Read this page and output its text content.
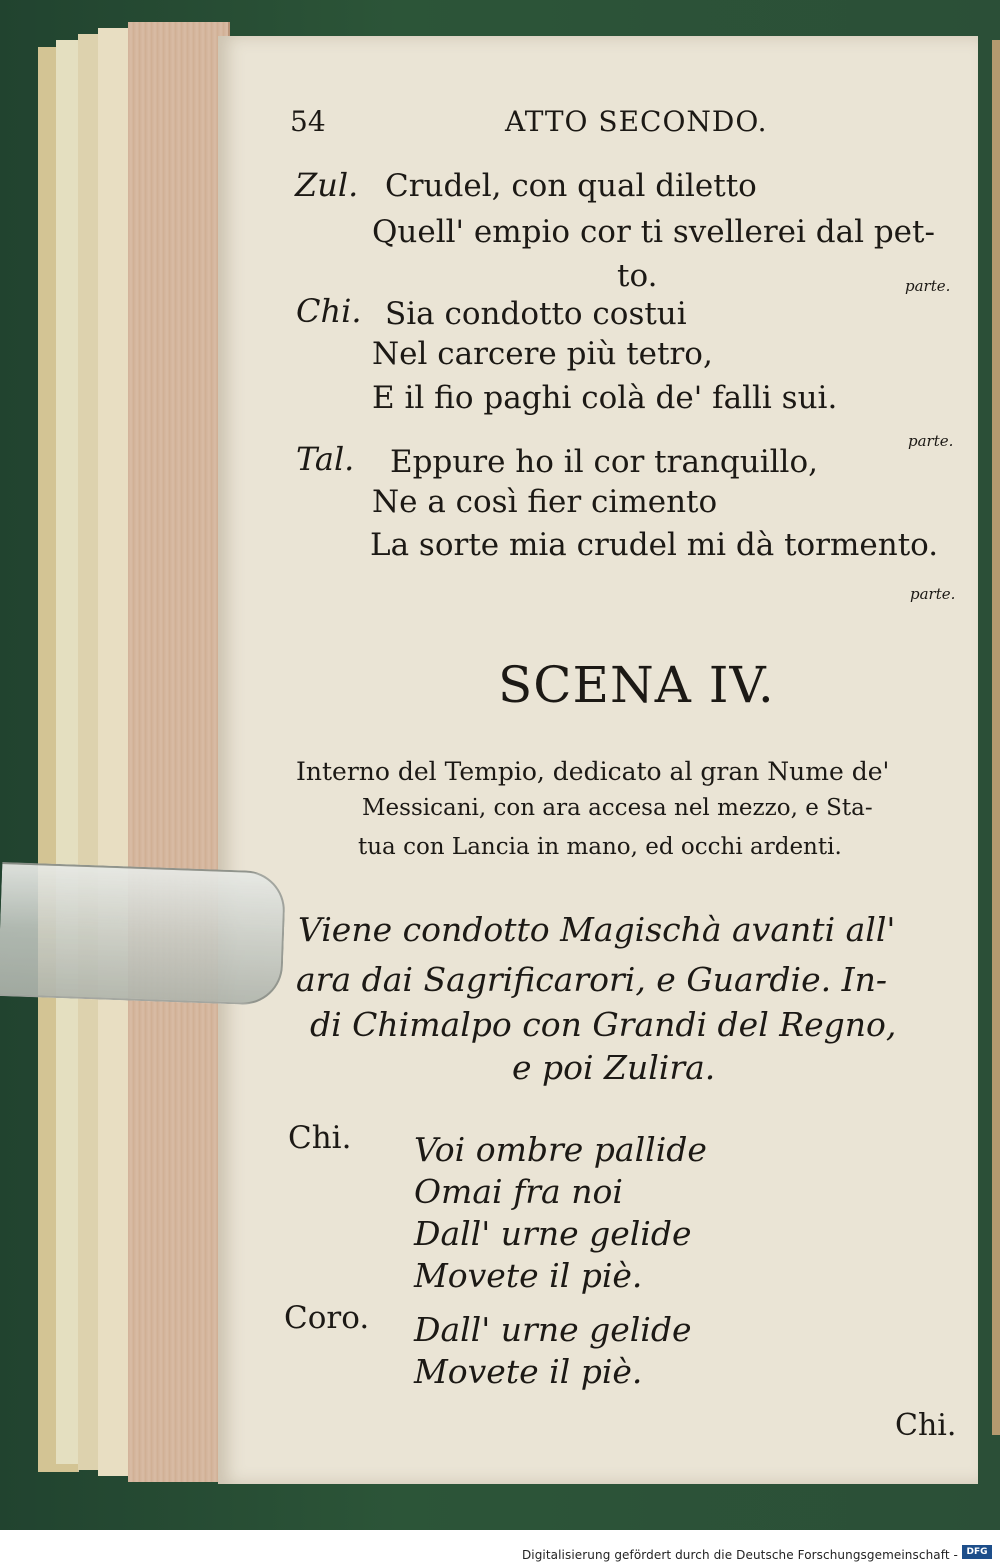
54	ATTO SECONDO.
Zul. Crudel, con qual diletto
Quell' empio cor ti svellerei dal pet-
to.	parte.
Chi. Sia condotto costui
Nel carcere più tetro,
E il fio paghi colà de' falli sui.
parte.
Tal. Eppure ho il cor tranquillo,
Ne a così fier cimento
La sorte mia crudel mi dà tormento.
parte.
SCENA IV.
Interno del Tempio, dedicato al gran Nume de'
Messicani, con ara accesa nel mezzo, e Sta-
tua con Lancia in mano, ed occhi ardenti.
Viene condotto Magischà avanti all'
ara dai Sagrificarori, e Guardie. In-
di Chimalpo con Grandi del Regno,
e poi Zulira.
Chi. Voi ombre pallide
Omai fra noi
Dall' urne gelide
Movete il piè.
Coro. Dall' urne gelide
Movete il piè.
Chi.
Digitalisierung gefördert durch die Deutsche Forschungsgemeinschaft - DFG
